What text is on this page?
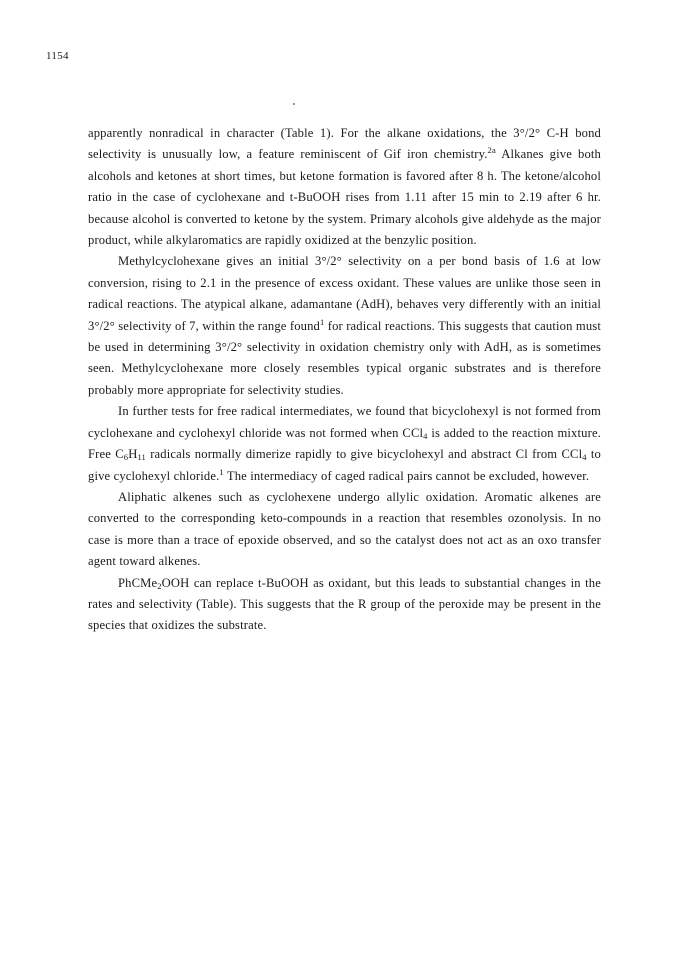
1154

apparently nonradical in character (Table 1). For the alkane oxidations, the 3°/2° C-H bond selectivity is unusually low, a feature reminiscent of Gif iron chemistry.$^{2a}$ Alkanes give both alcohols and ketones at short times, but ketone formation is favored after 8 h. The ketone/alcohol ratio in the case of cyclohexane and t-BuOOH rises from 1.11 after 15 min to 2.19 after 6 hr. because alcohol is converted to ketone by the system. Primary alcohols give aldehyde as the major product, while alkylaromatics are rapidly oxidized at the benzylic position.

Methylcyclohexane gives an initial 3°/2° selectivity on a per bond basis of 1.6 at low conversion, rising to 2.1 in the presence of excess oxidant. These values are unlike those seen in radical reactions. The atypical alkane, adamantane (AdH), behaves very differently with an initial 3°/2° selectivity of 7, within the range found$^1$ for radical reactions. This suggests that caution must be used in determining 3°/2° selectivity in oxidation chemistry only with AdH, as is sometimes seen. Methylcyclohexane more closely resembles typical organic substrates and is therefore probably more appropriate for selectivity studies.

In further tests for free radical intermediates, we found that bicyclohexyl is not formed from cyclohexane and cyclohexyl chloride was not formed when CCl$_4$ is added to the reaction mixture. Free $C_6H_{11}$ radicals normally dimerize rapidly to give bicyclohexyl and abstract Cl from CCl$_4$ to give cyclohexyl chloride.$^1$ The intermediacy of caged radical pairs cannot be excluded, however.

Aliphatic alkenes such as cyclohexene undergo allylic oxidation. Aromatic alkenes are converted to the corresponding keto-compounds in a reaction that resembles ozonolysis. In no case is more than a trace of epoxide observed, and so the catalyst does not act as an oxo transfer agent toward alkenes.

PhCMe$_2$OOH can replace t-BuOOH as oxidant, but this leads to substantial changes in the rates and selectivity (Table). This suggests that the R group of the peroxide may be present in the species that oxidizes the substrate.
